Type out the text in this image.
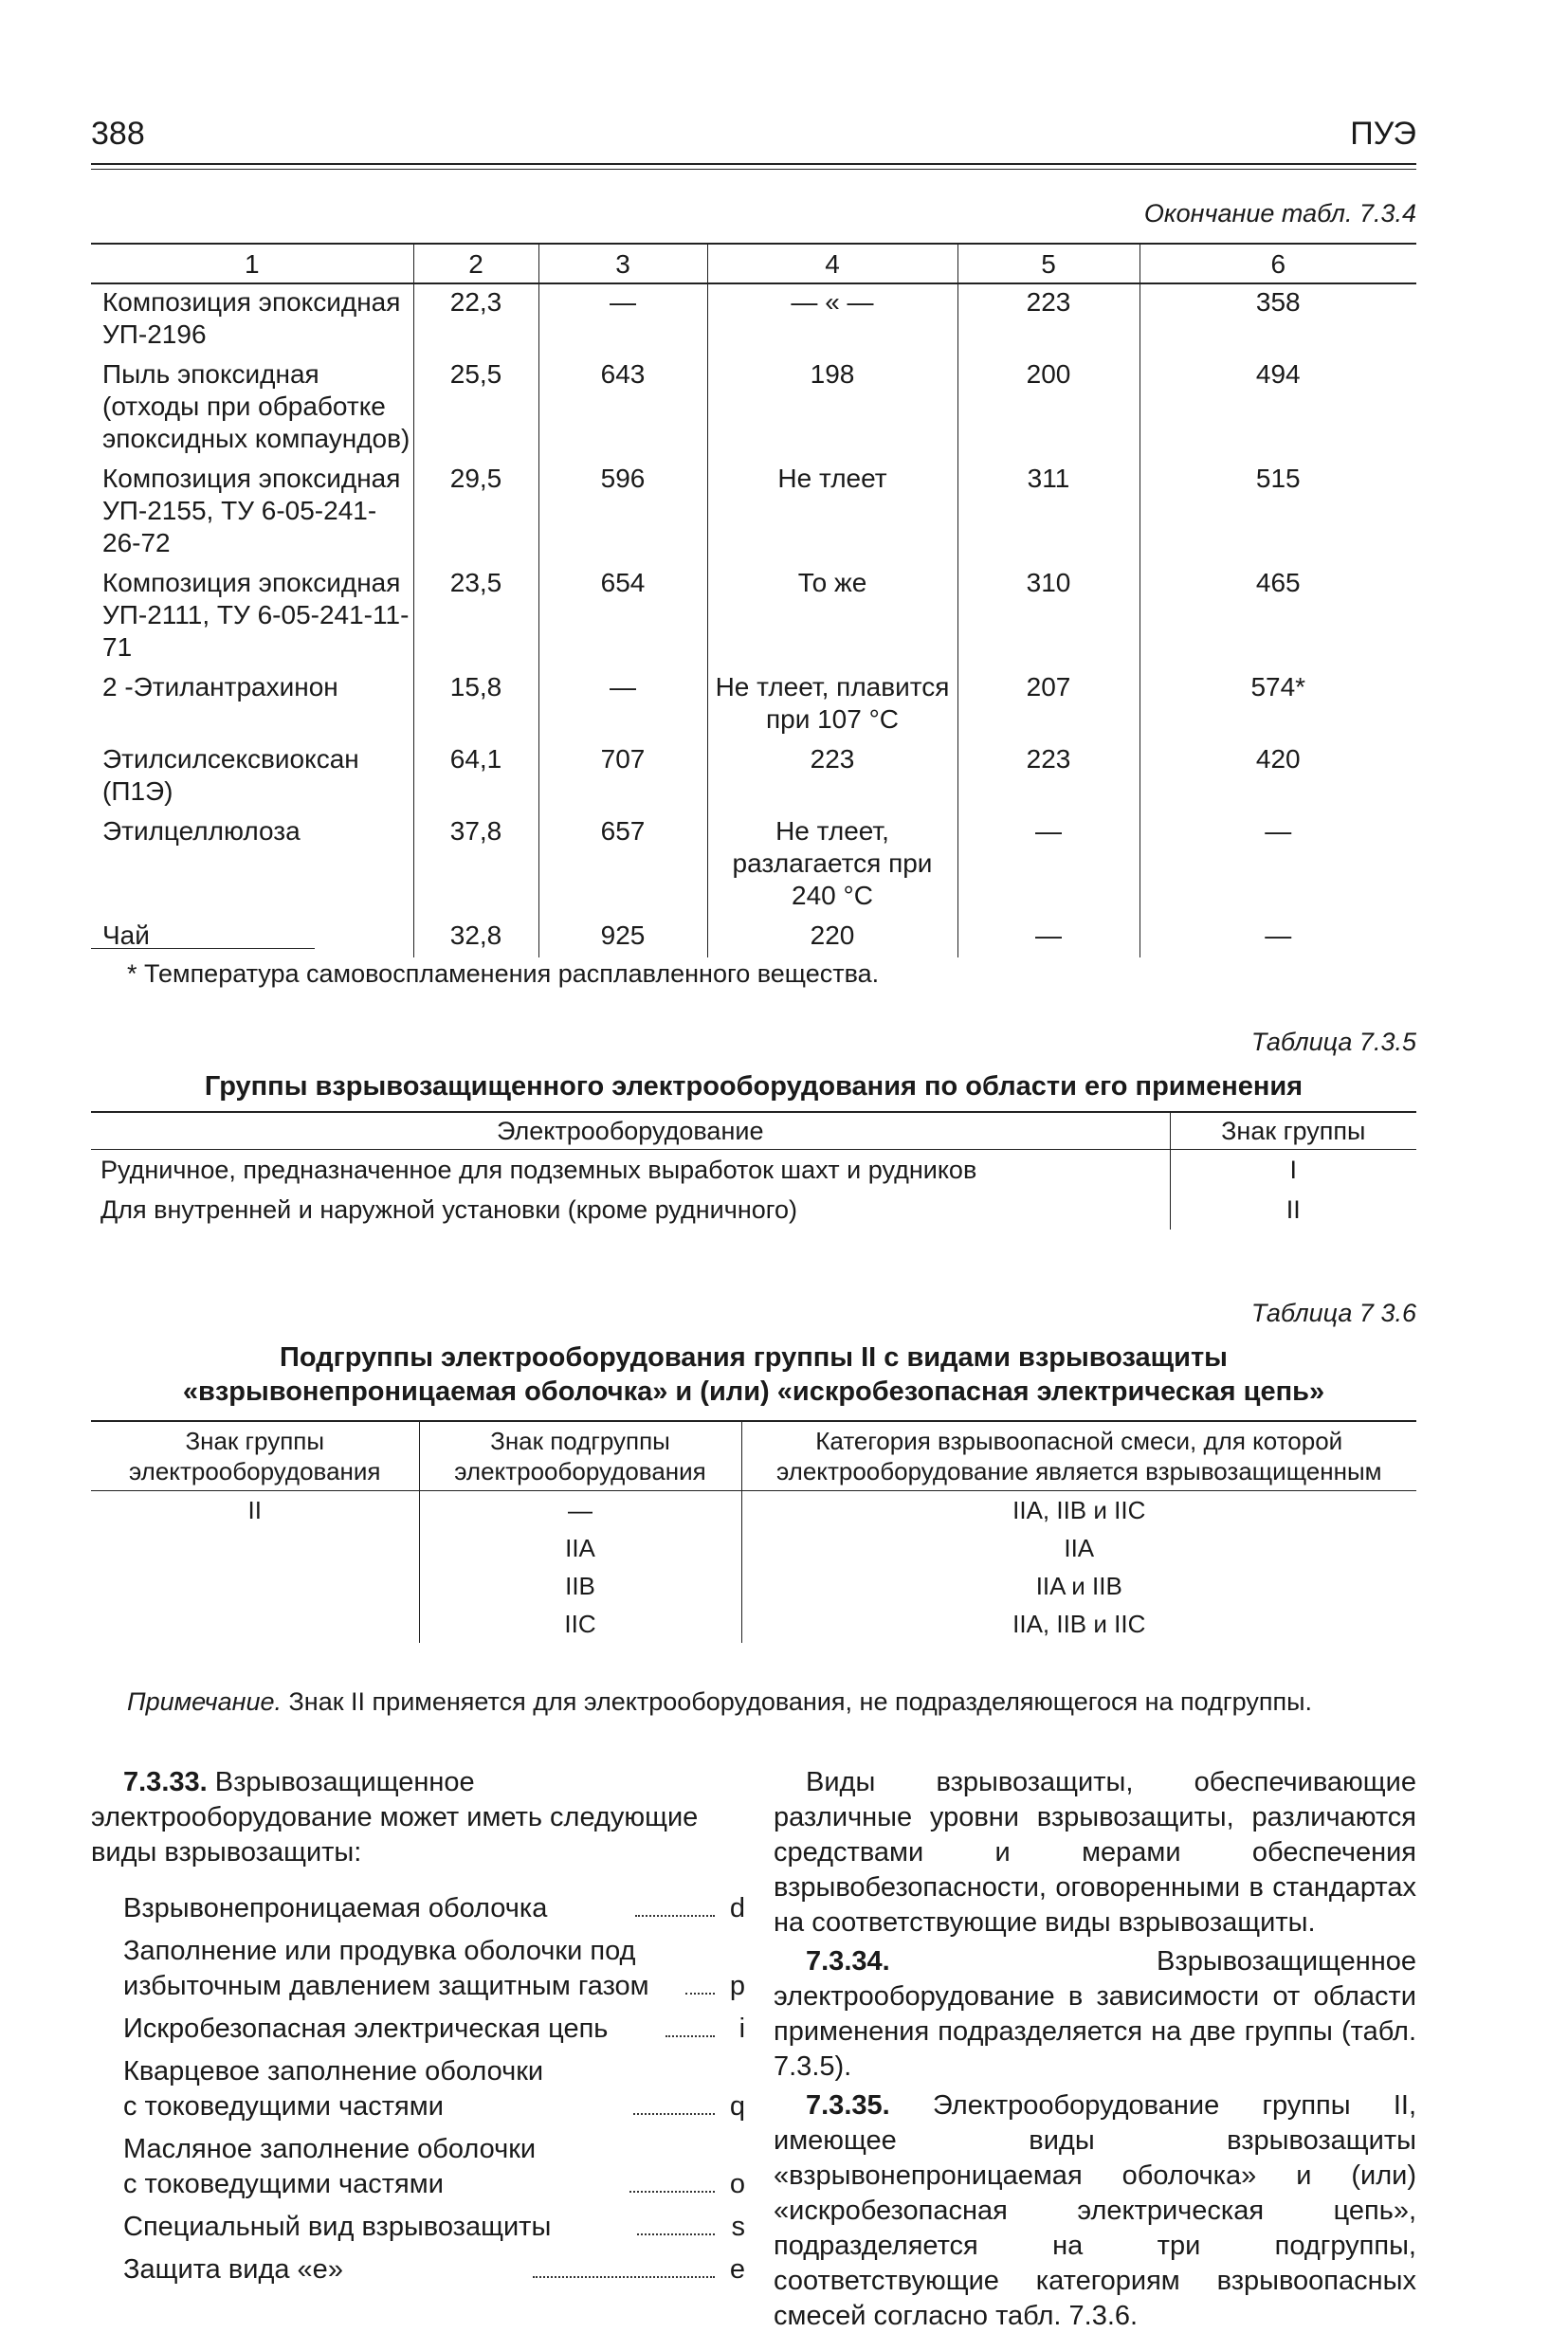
388	ПУЭ
Окончание табл. 7.3.4
1	2	3	4	5	6
Композиция эпоксидная УП-2196	22,3	—	— « —	223	358
Пыль эпоксидная (отходы при обработке эпоксидных компаундов)	25,5	643	198	200	494
Композиция эпоксидная УП-2155, ТУ 6-05-241-26-72	29,5	596	Не тлеет	311	515
Композиция эпоксидная УП-2111, ТУ 6-05-241-11-71	23,5	654	То же	310	465
2 -Этилантрахинон	15,8	—	Не тлеет, плавится при 107 °С	207	574*
Этилсилсексвиоксан (П1Э)	64,1	707	223	223	420
Этилцеллюлоза	37,8	657	Не тлеет, разлагается при 240 °С	—	—
Чай	32,8	925	220	—	—
* Температура самовоспламенения расплавленного вещества.
Таблица 7.3.5
Группы взрывозащищенного электрооборудования по области его применения
Электрооборудование	Знак группы
Рудничное, предназначенное для подземных выработок шахт и рудников	I
Для внутренней и наружной установки (кроме рудничного)	II
Таблица 7 3.6
Подгруппы электрооборудования группы II с видами взрывозащиты
«взрывонепроницаемая оболочка» и (или) «искробезопасная электрическая цепь»
Знак группы электрооборудования	Знак подгруппы электрооборудования	Категория взрывоопасной смеси, для которой электрооборудование является взрывозащищенным
II	—	IIA, IIB и IIC
	IIA	IIA
	IIB	IIA и IIB
	IIC	IIA, IIB и IIC
Примечание. Знак II применяется для электрооборудования, не подразделяющегося на подгруппы.

7.3.33. Взрывозащищенное электрооборудование может иметь следующие виды взрывозащиты:

Взрывонепроницаемая оболочка	d
Заполнение или продувка оболочки под
избыточным давлением защитным газом	p
Искробезопасная электрическая цепь	i
Кварцевое заполнение оболочки
с токоведущими частями	q
Масляное заполнение оболочки
с токоведущими частями	o
Специальный вид взрывозащиты	s
Защита вида «е»	e

Виды взрывозащиты, обеспечивающие различные уровни взрывозащиты, различаются средствами и мерами обеспечения взрывобезопасности, оговоренными в стандартах на соответствующие виды взрывозащиты.

7.3.34. Взрывозащищенное электрооборудование в зависимости от области применения подразделяется на две группы (табл. 7.3.5).

7.3.35. Электрооборудование группы II, имеющее виды взрывозащиты «взрывонепроницаемая оболочка» и (или) «искробезопасная электрическая цепь», подразделяется на три подгруппы, соответствующие категориям взрывоопасных смесей согласно табл. 7.3.6.
